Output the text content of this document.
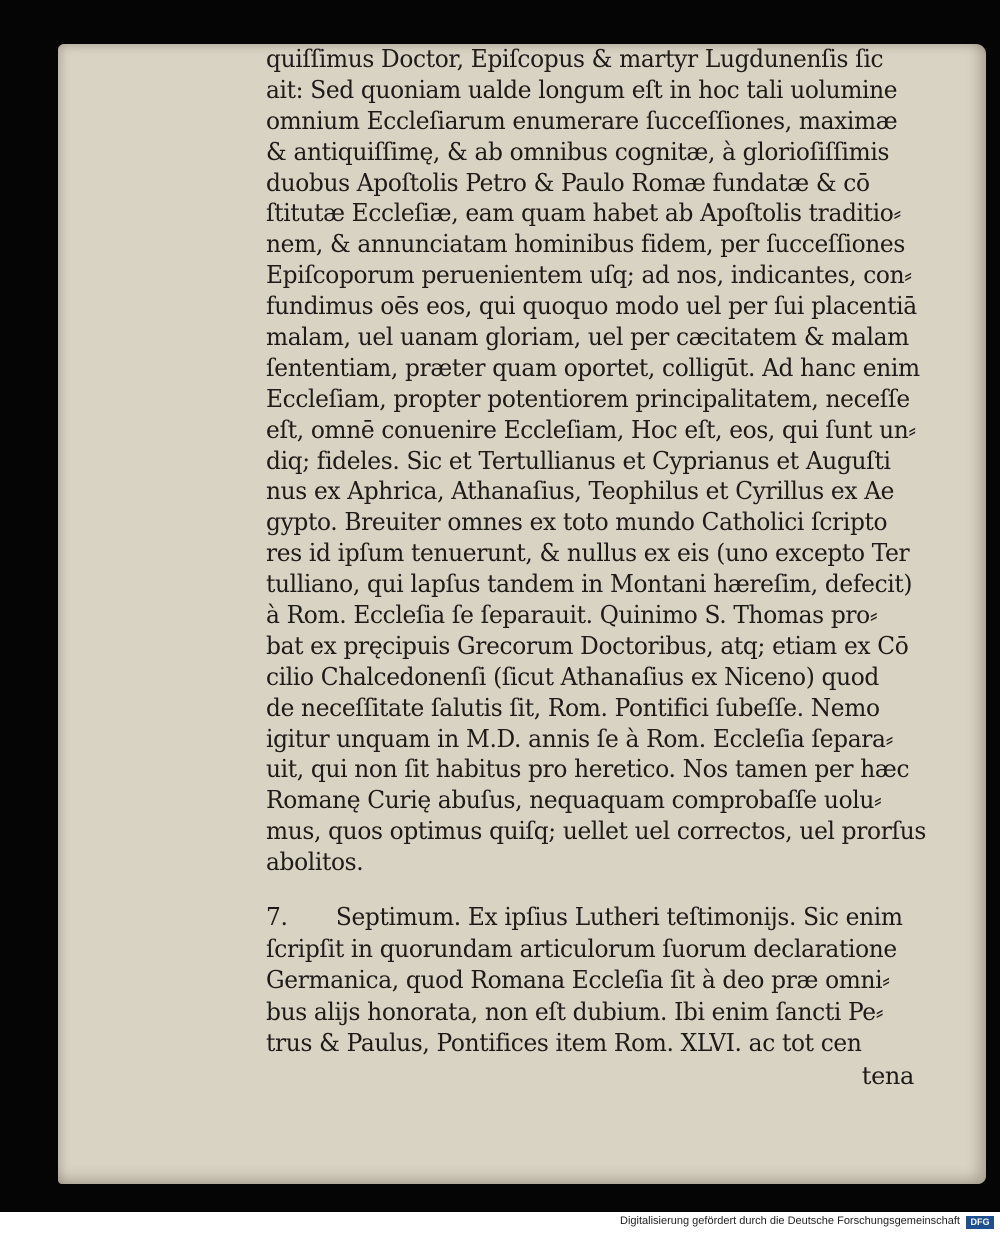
quiſſimus Doctor, Epiſcopus & martyr Lugdunenſis ſic
ait: Sed quoniam ualde longum eſt in hoc tali uolumine
omnium Eccleſiarum enumerare ſucceſſiones, maximæ
& antiquiſſimę, & ab omnibus cognitæ, à glorioſiſſimis
duobus Apoſtolis Petro & Paulo Romæ fundatæ & cō
ſtitutæ Eccleſiæ, eam quam habet ab Apoſtolis traditio⸗
nem, & annunciatam hominibus fidem, per ſucceſſiones
Epiſcoporum peruenientem uſq; ad nos, indicantes, con⸗
fundimus oēs eos, qui quoquo modo uel per ſui placentiā
malam, uel uanam gloriam, uel per cæcitatem & malam
ſententiam, præter quam oportet, colligūt. Ad hanc enim
Eccleſiam, propter potentiorem principalitatem, neceſſe
eſt, omnē conuenire Eccleſiam, Hoc eſt, eos, qui ſunt un⸗
diq; fideles. Sic et Tertullianus et Cyprianus et Auguſti
nus ex Aphrica, Athanaſius, Teophilus et Cyrillus ex Ae
gypto. Breuiter omnes ex toto mundo Catholici ſcripto
res id ipſum tenuerunt, & nullus ex eis (uno excepto Ter
tulliano, qui lapſus tandem in Montani hæreſim, defecit)
à Rom. Eccleſia ſe ſeparauit. Quinimo S. Thomas pro⸗
bat ex pręcipuis Grecorum Doctoribus, atq; etiam ex Cō
cilio Chalcedonenſi (ſicut Athanaſius ex Niceno) quod
de neceſſitate ſalutis ſit, Rom. Pontifici ſubeſſe. Nemo
igitur unquam in M.D. annis ſe à Rom. Eccleſia ſepara⸗
uit, qui non ſit habitus pro heretico. Nos tamen per hæc
Romanę Curię abuſus, nequaquam comprobaſſe uolu⸗
mus, quos optimus quiſq; uellet uel correctos, uel prorſus
abolitos.
7. Septimum. Ex ipſius Lutheri teſtimonijs. Sic enim
ſcripſit in quorundam articulorum ſuorum declaratione
Germanica, quod Romana Eccleſia ſit à deo præ omni⸗
bus alijs honorata, non eſt dubium. Ibi enim ſancti Pe⸗
trus & Paulus, Pontifices item Rom. XLVI. ac tot cen
tena
Digitalisierung gefördert durch die Deutsche Forschungsgemeinschaft	DFG
